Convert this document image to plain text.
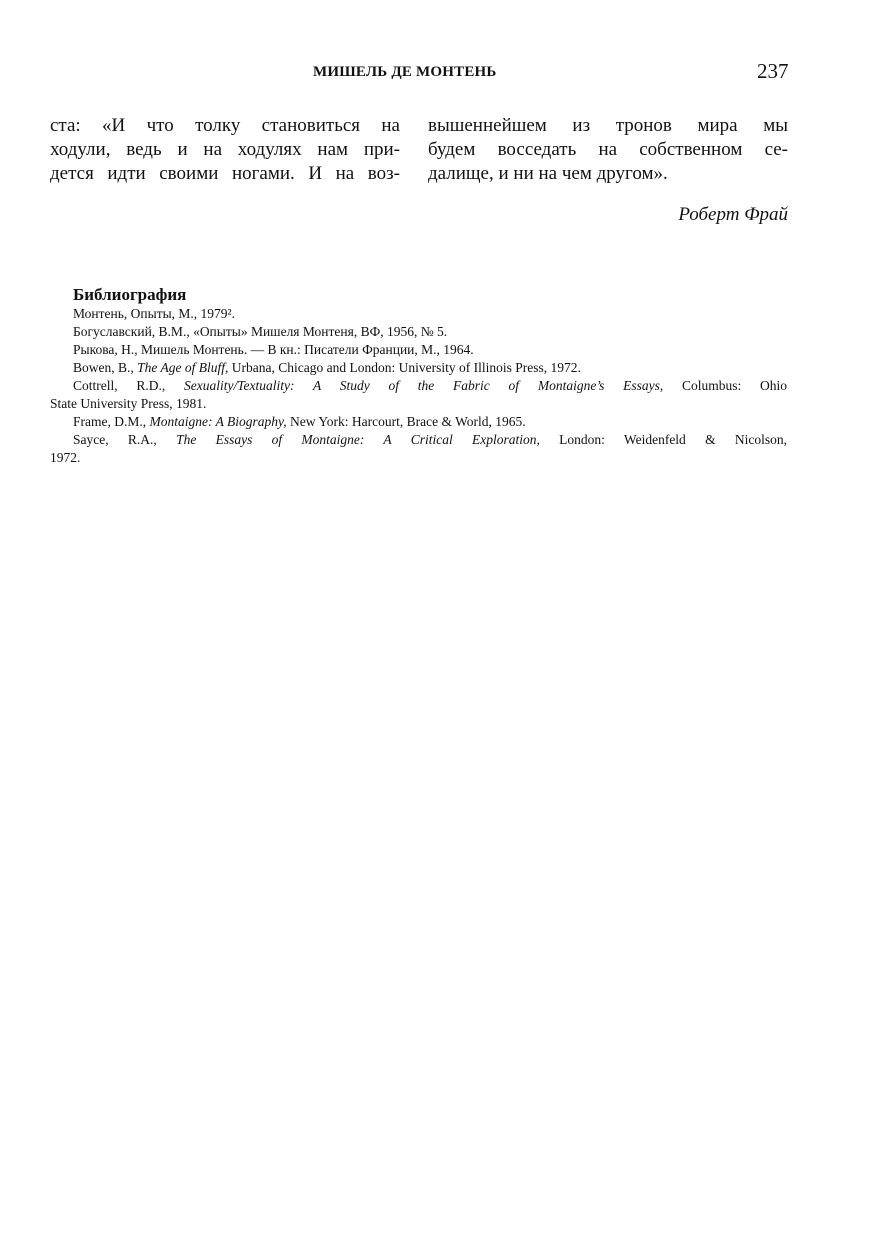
МИШЕЛЬ ДЕ МОНТЕНЬ	237
ста: «И что толку становиться на
ходули, ведь и на ходулях нам при-
дется идти своими ногами. И на воз-
вышеннейшем из тронов мира мы
будем восседать на собственном се-
далище, и ни на чем другом».
Роберт Фрай
Библиография
Монтень, Опыты, М., 1979².
Богуславский, В.М., «Опыты» Мишеля Монтеня, ВФ, 1956, № 5.
Рыкова, Н., Мишель Монтень. — В кн.: Писатели Франции, М., 1964.
Bowen, B., The Age of Bluff, Urbana, Chicago and London: University of Illinois Press, 1972.
Cottrell, R.D., Sexuality/Textuality: A Study of the Fabric of Montaigne’s Essays, Columbus: Ohio
State University Press, 1981.
Frame, D.M., Montaigne: A Biography, New York: Harcourt, Brace & World, 1965.
Sayce, R.A., The Essays of Montaigne: A Critical Exploration, London: Weidenfeld & Nicolson,
1972.
